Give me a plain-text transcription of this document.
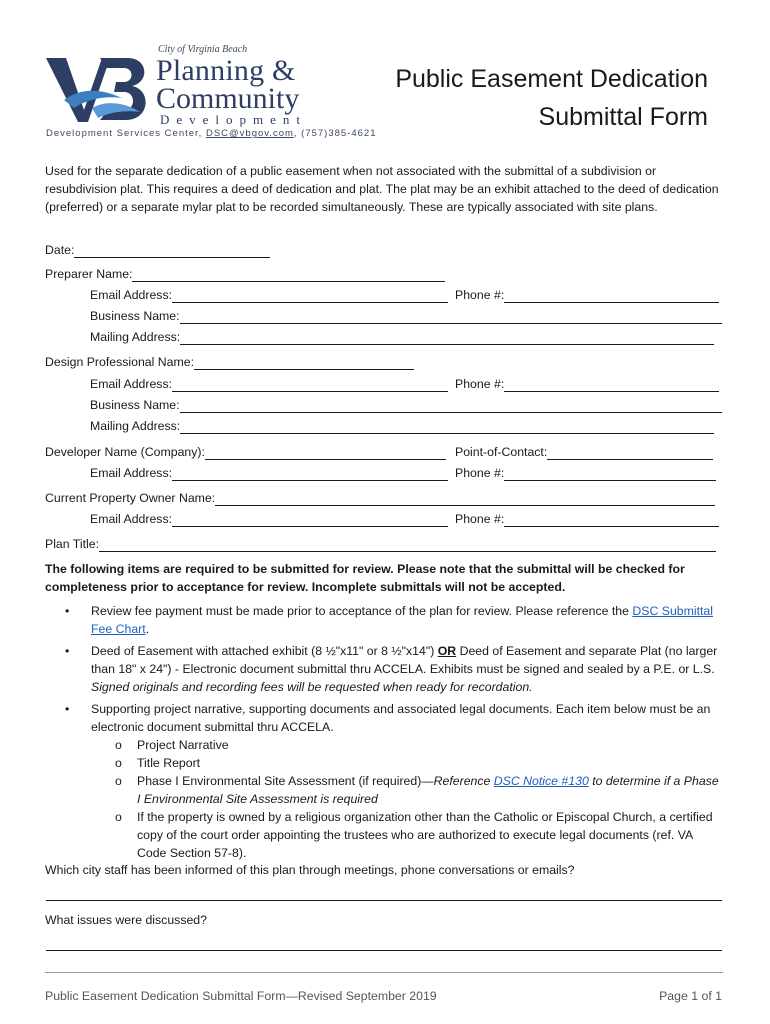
City of Virginia Beach
Planning &
Community
Development
Development Services Center, DSC@vbgov.com, (757)385-4621
Public Easement Dedication
Submittal Form
Used for the separate dedication of a public easement when not associated with the submittal of a subdivision or resubdivision plat. This requires a deed of dedication and plat. The plat may be an exhibit attached to the deed of dedication (preferred) or a separate mylar plat to be recorded simultaneously. These are typically associated with site plans.
Date:
Preparer Name:
Email Address:	Phone #:
Business Name:
Mailing Address:
Design Professional Name:
Email Address:	Phone #:
Business Name:
Mailing Address:
Developer Name (Company):	Point-of-Contact:
Email Address:	Phone #:
Current Property Owner Name:
Email Address:	Phone #:
Plan Title:
The following items are required to be submitted for review. Please note that the submittal will be checked for completeness prior to acceptance for review. Incomplete submittals will not be accepted.
• Review fee payment must be made prior to acceptance of the plan for review. Please reference the DSC Submittal Fee Chart.
• Deed of Easement with attached exhibit (8 ½"x11" or 8 ½"x14") OR Deed of Easement and separate Plat (no larger than 18" x 24") - Electronic document submittal thru ACCELA. Exhibits must be signed and sealed by a P.E. or L.S. Signed originals and recording fees will be requested when ready for recordation.
• Supporting project narrative, supporting documents and associated legal documents. Each item below must be an electronic document submittal thru ACCELA.
o Project Narrative
o Title Report
o Phase I Environmental Site Assessment (if required)—Reference DSC Notice #130 to determine if a Phase I Environmental Site Assessment is required
o If the property is owned by a religious organization other than the Catholic or Episcopal Church, a certified copy of the court order appointing the trustees who are authorized to execute legal documents (ref. VA Code Section 57-8).
Which city staff has been informed of this plan through meetings, phone conversations or emails?
What issues were discussed?
Public Easement Dedication Submittal Form—Revised September 2019	Page 1 of 1
